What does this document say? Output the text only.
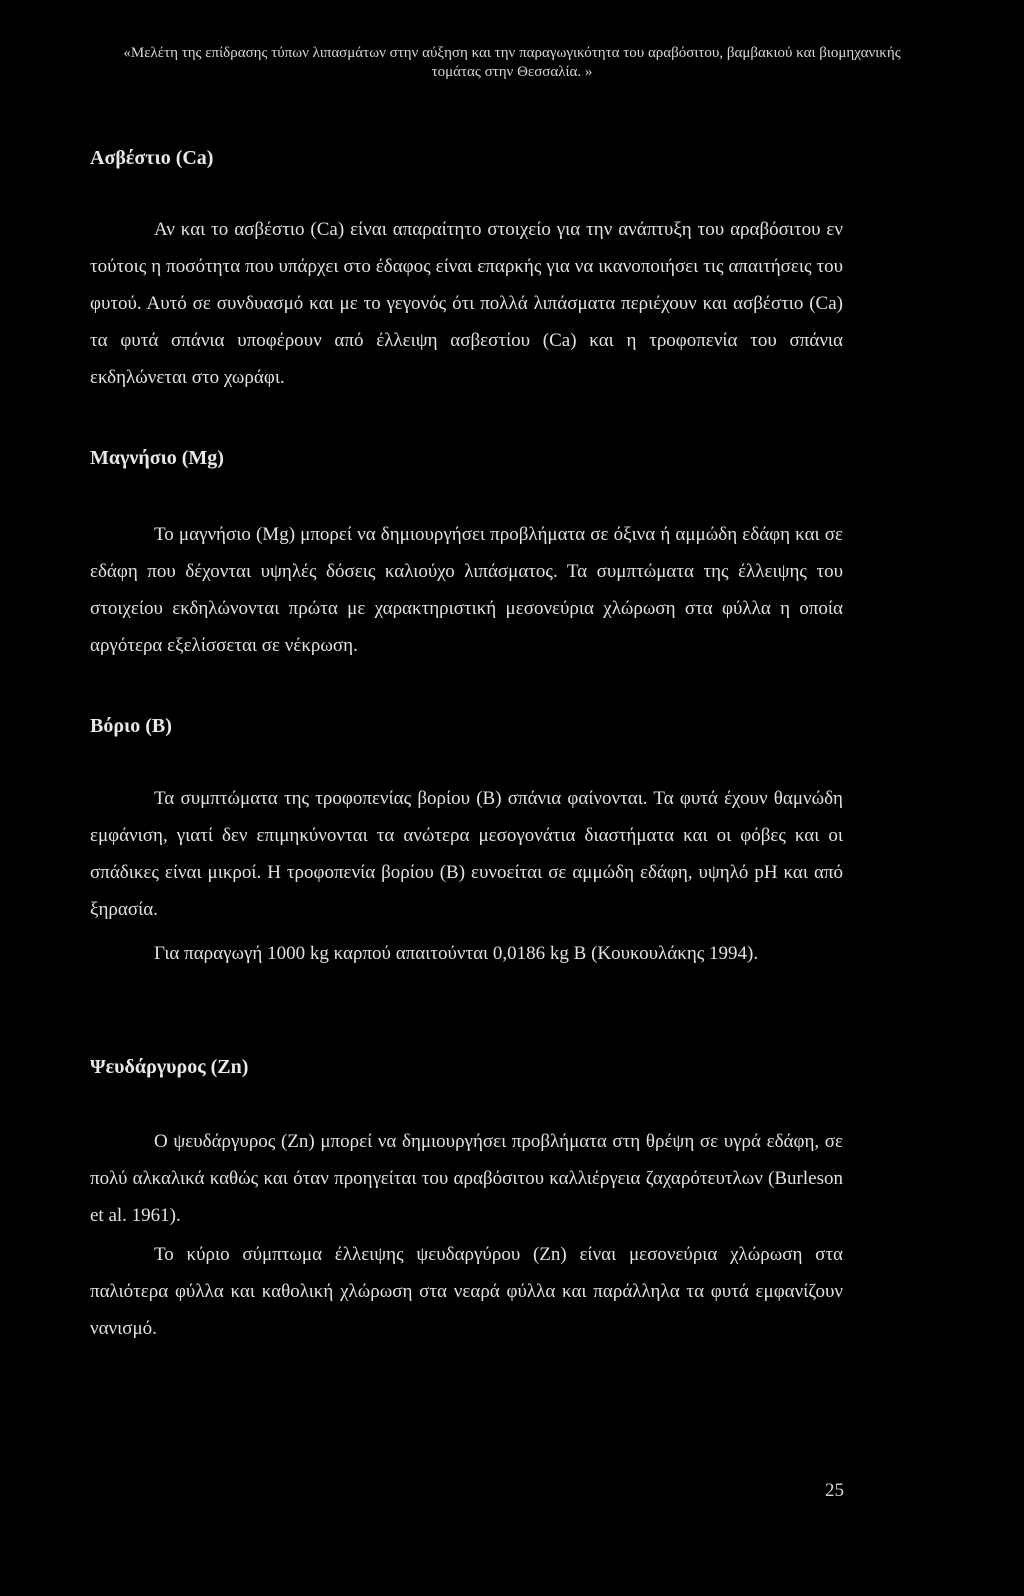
«Μελέτη της επίδρασης τύπων λιπασμάτων στην αύξηση και την παραγωγικότητα του αραβόσιτου, βαμβακιού και βιομηχανικής
τομάτας στην Θεσσαλία. »
Ασβέστιο (Ca)
Αν και το ασβέστιο (Ca) είναι απαραίτητο στοιχείο για την ανάπτυξη του αραβόσιτου εν τούτοις η ποσότητα που υπάρχει στο έδαφος είναι επαρκής για να ικανοποιήσει τις απαιτήσεις του φυτού. Αυτό σε συνδυασμό και με το γεγονός ότι πολλά λιπάσματα περιέχουν και ασβέστιο (Ca) τα φυτά σπάνια υποφέρουν από έλλειψη ασβεστίου (Ca) και η τροφοπενία του σπάνια εκδηλώνεται στο χωράφι.
Μαγνήσιο (Mg)
Το μαγνήσιο (Mg) μπορεί να δημιουργήσει προβλήματα σε όξινα ή αμμώδη εδάφη και σε εδάφη που δέχονται υψηλές δόσεις καλιούχο λιπάσματος. Τα συμπτώματα της έλλειψης του στοιχείου εκδηλώνονται πρώτα με χαρακτηριστική μεσονεύρια χλώρωση στα φύλλα η οποία αργότερα εξελίσσεται σε νέκρωση.
Βόριο (B)
Τα συμπτώματα της τροφοπενίας βορίου (B) σπάνια φαίνονται. Τα φυτά έχουν θαμνώδη εμφάνιση, γιατί δεν επιμηκύνονται τα ανώτερα μεσογονάτια διαστήματα και οι φόβες και οι σπάδικες είναι μικροί. Η τροφοπενία βορίου (B) ευνοείται σε αμμώδη εδάφη, υψηλό pH και από ξηρασία.
Για παραγωγή 1000 kg καρπού απαιτούνται 0,0186 kg B (Κουκουλάκης 1994).
Ψευδάργυρος (Zn)
Ο ψευδάργυρος (Zn) μπορεί να δημιουργήσει προβλήματα στη θρέψη σε υγρά εδάφη, σε πολύ αλκαλικά καθώς και όταν προηγείται του αραβόσιτου καλλιέργεια ζαχαρότευτλων (Burleson et al. 1961).
Το κύριο σύμπτωμα έλλειψης ψευδαργύρου (Zn) είναι μεσονεύρια χλώρωση στα παλιότερα φύλλα και καθολική χλώρωση στα νεαρά φύλλα και παράλληλα τα φυτά εμφανίζουν νανισμό.
25
